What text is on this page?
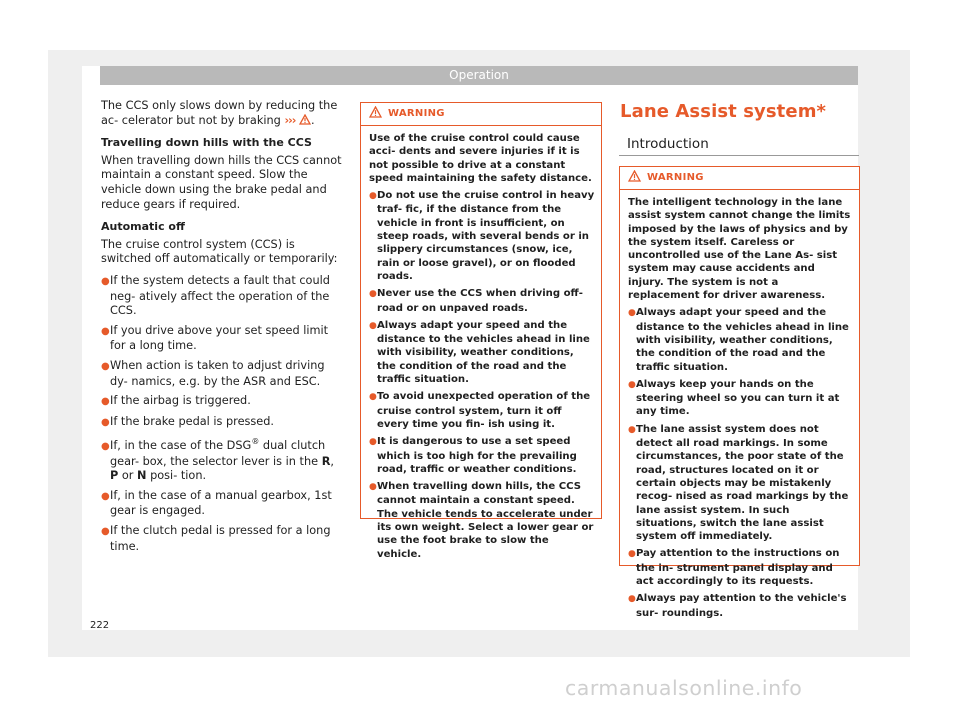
Operation

The CCS only slows down by reducing the ac- celerator but not by braking ››› .

Travelling down hills with the CCS

When travelling down hills the CCS cannot maintain a constant speed. Slow the vehicle down using the brake pedal and reduce gears if required.

Automatic off

The cruise control system (CCS) is switched off automatically or temporarily:

●If the system detects a fault that could neg- atively affect the operation of the CCS.

●If you drive above your set speed limit for a long time.

●When action is taken to adjust driving dy- namics, e.g. by the ASR and ESC.

●If the airbag is triggered.

●If the brake pedal is pressed.

●If, in the case of the DSG® dual clutch gear- box, the selector lever is in the R, P or N posi- tion.

●If, in the case of a manual gearbox, 1st gear is engaged.

●If the clutch pedal is pressed for a long time.

WARNING

Use of the cruise control could cause acci- dents and severe injuries if it is not possible to drive at a constant speed maintaining the safety distance.

●Do not use the cruise control in heavy traf- fic, if the distance from the vehicle in front is insufficient, on steep roads, with several bends or in slippery circumstances (snow, ice, rain or loose gravel), or on flooded roads.

●Never use the CCS when driving off-road or on unpaved roads.

●Always adapt your speed and the distance to the vehicles ahead in line with visibility, weather conditions, the condition of the road and the traffic situation.

●To avoid unexpected operation of the cruise control system, turn it off every time you fin- ish using it.

●It is dangerous to use a set speed which is too high for the prevailing road, traffic or weather conditions.

●When travelling down hills, the CCS cannot maintain a constant speed. The vehicle tends to accelerate under its own weight. Select a lower gear or use the foot brake to slow the vehicle.

Lane Assist system*
Introduction
WARNING

The intelligent technology in the lane assist system cannot change the limits imposed by the laws of physics and by the system itself. Careless or uncontrolled use of the Lane As- sist system may cause accidents and injury. The system is not a replacement for driver awareness.

●Always adapt your speed and the distance to the vehicles ahead in line with visibility, weather conditions, the condition of the road and the traffic situation.

●Always keep your hands on the steering wheel so you can turn it at any time.

●The lane assist system does not detect all road markings. In some circumstances, the poor state of the road, structures located on it or certain objects may be mistakenly recog- nised as road markings by the lane assist system. In such situations, switch the lane assist system off immediately.

●Pay attention to the instructions on the in- strument panel display and act accordingly to its requests.

●Always pay attention to the vehicle's sur- roundings.

222
carmanualsonline.info
